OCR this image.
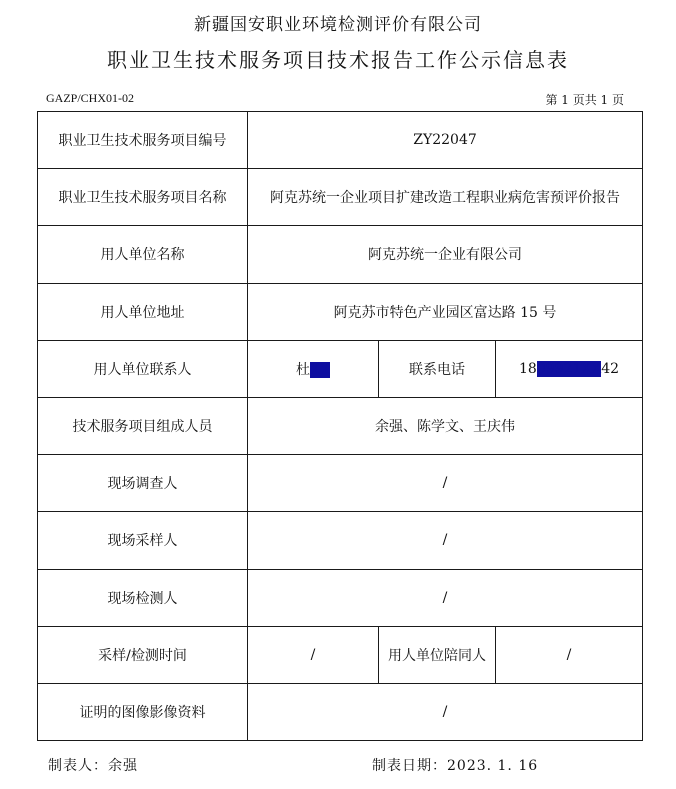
新疆国安职业环境检测评价有限公司
职业卫生技术服务项目技术报告工作公示信息表
GAZP/CHX01-02	第 1 页共 1 页
职业卫生技术服务项目编号	ZY22047		
职业卫生技术服务项目名称	阿克苏统一企业项目扩建改造工程职业病危害预评价报告		
用人单位名称	阿克苏统一企业有限公司		
用人单位地址	阿克苏市特色产业园区富达路 15 号		
用人单位联系人	杜XX	联系电话	1809921XX42
技术服务项目组成人员	余强、陈学文、王庆伟		
现场调查人	/		
现场采样人	/		
现场检测人	/		
采样/检测时间	/	用人单位陪同人	/
证明的图像影像资料	/		
制表人：余强	制表日期：2023. 1. 16
